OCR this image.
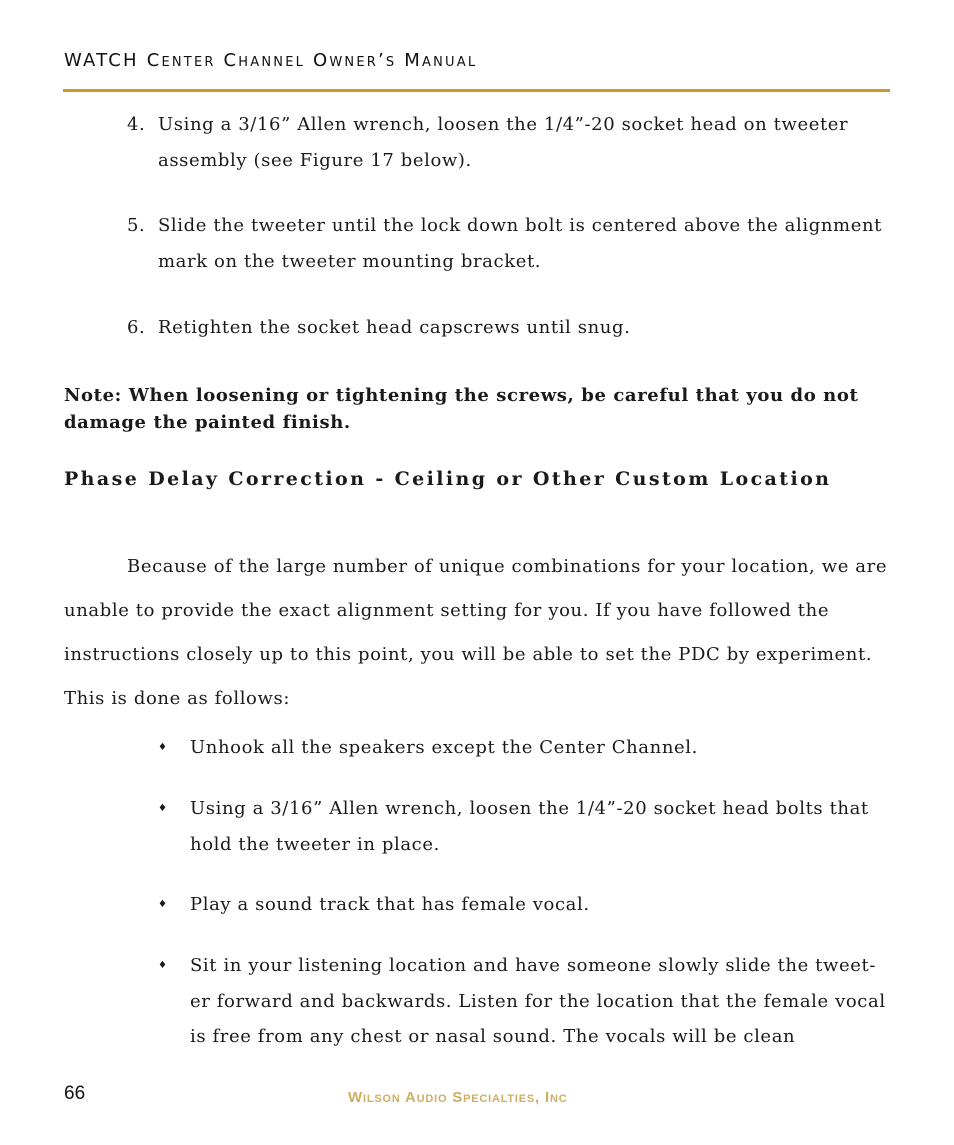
WATCH Center Channel Owner’s Manual
4. Using a 3/16” Allen wrench, loosen the 1/4”-20 socket head on tweeter assembly (see Figure 17 below).
5. Slide the tweeter until the lock down bolt is centered above the alignment mark on the tweeter mounting bracket.
6. Retighten the socket head capscrews until snug.
Note: When loosening or tightening the screws, be careful that you do not damage the painted finish.
Phase Delay Correction - Ceiling or Other Custom Location
Because of the large number of unique combinations for your location, we are unable to provide the exact alignment setting for you. If you have followed the instructions closely up to this point, you will be able to set the PDC by experiment. This is done as follows:
♦ Unhook all the speakers except the Center Channel.
♦ Using a 3/16” Allen wrench, loosen the 1/4”-20 socket head bolts that hold the tweeter in place.
♦ Play a sound track that has female vocal.
♦ Sit in your listening location and have someone slowly slide the tweet-er forward and backwards. Listen for the location that the female vocal is free from any chest or nasal sound. The vocals will be clean
66	Wilson Audio Specialties, Inc
